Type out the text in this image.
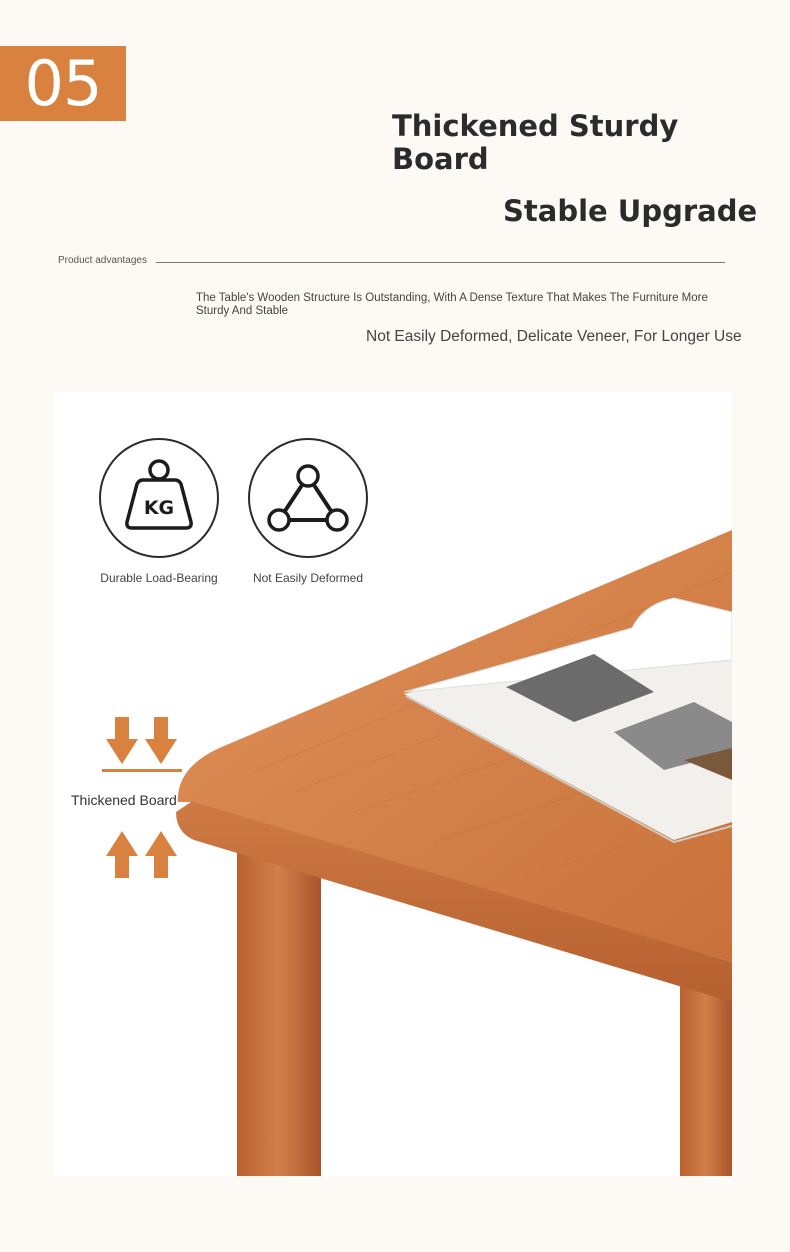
05
Thickened Sturdy Board
Stable Upgrade
Product advantages
The Table's Wooden Structure Is Outstanding, With A Dense Texture That Makes The Furniture More Sturdy And Stable
Not Easily Deformed, Delicate Veneer, For Longer Use
KG
Durable Load-Bearing	Not Easily Deformed
Thickened Board
